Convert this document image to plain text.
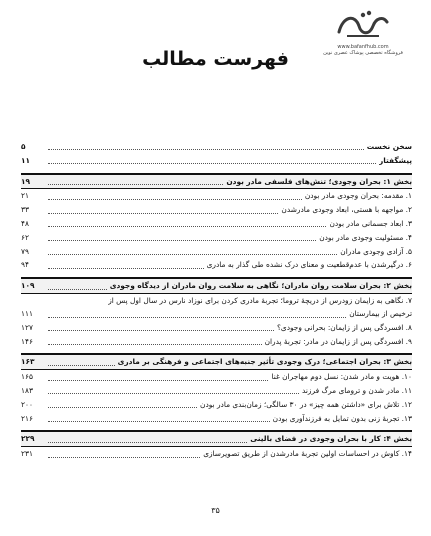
www.bafanfhub.com
فروشگاه تخصصی پوشاک عصری نوین
فهرست مطالب
سخن نخست
۵
پیشگفتار
۱۱
بخش ۱: بحران وجودی؛ تنش‌های فلسفی مادر بودن
۱۹
۱. مقدمه: بحران وجودی مادر بودن
۲۱
۲. مواجهه با هستی، ابعاد وجودی مادرشدن
۳۳
۳. ابعاد جسمانی مادر بودن
۴۸
۴. مسئولیت وجودی مادر بودن
۶۲
۵. آزادی وجودی مادران
۷۹
۶. درگیرشدن با عدم‌قطعیت و معنای درک نشده طی گذار به مادری
۹۴
بخش ۲: بحران سلامت روان مادران؛ نگاهی به سلامت روان مادران از دیدگاه وجودی
۱۰۹
۷. نگاهی به زایمان زودرس از دریچهٔ تروما؛ تجربهٔ مادری کردن برای نوزاد نارس در سال اول پس از
ترخیص از بیمارستان
۱۱۱
۸. افسردگی پس از زایمان: بحرانی وجودی؟
۱۲۷
۹. افسردگی پس از زایمان در مادر: تجربهٔ پدران
۱۴۶
بخش ۳: بحران اجتماعی؛ درک وجودی تأثیر جنبه‌های اجتماعی و فرهنگی بر مادری
۱۶۳
۱۰. هویت و مادر شدن: نسل دوم مهاجران غنا
۱۶۵
۱۱. مادر شدن و ترومای مرگ فرزند
۱۸۳
۱۲. تلاش برای «داشتن همه چیز» در ۳۰ سالگی؛ زمان‌بندی مادر بودن
۲۰۰
۱۳. تجربهٔ زنی بدون تمایل به فرزندآوری بودن
۲۱۶
بخش ۴: کار با بحران وجودی در فضای بالینی
۲۲۹
۱۴. کاوش در احساسات اولین تجربهٔ مادرشدن از طریق تصویرسازی
۲۳۱
۳۵
